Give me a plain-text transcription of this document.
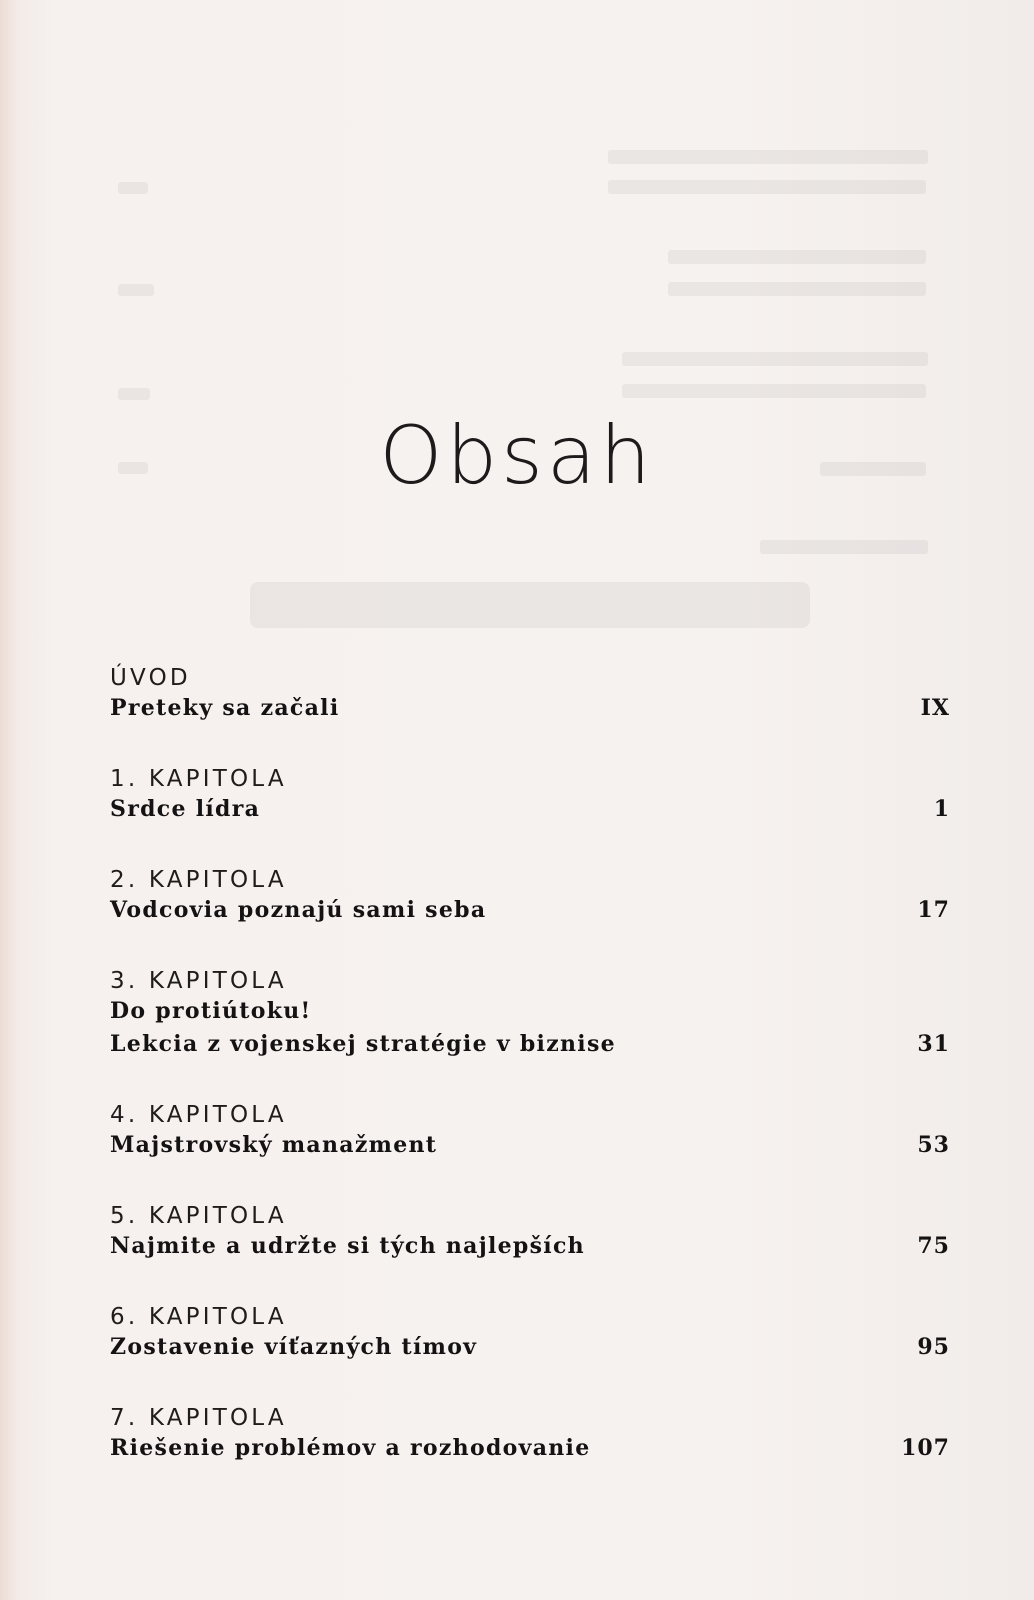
Obsah
ÚVOD
Preteky sa začali	IX
1. KAPITOLA
Srdce lídra	1
2. KAPITOLA
Vodcovia poznajú sami seba	17
3. KAPITOLA
Do protiútoku!
Lekcia z vojenskej stratégie v biznise	31
4. KAPITOLA
Majstrovský manažment	53
5. KAPITOLA
Najmite a udržte si tých najlepších	75
6. KAPITOLA
Zostavenie víťazných tímov	95
7. KAPITOLA
Riešenie problémov a rozhodovanie	107
